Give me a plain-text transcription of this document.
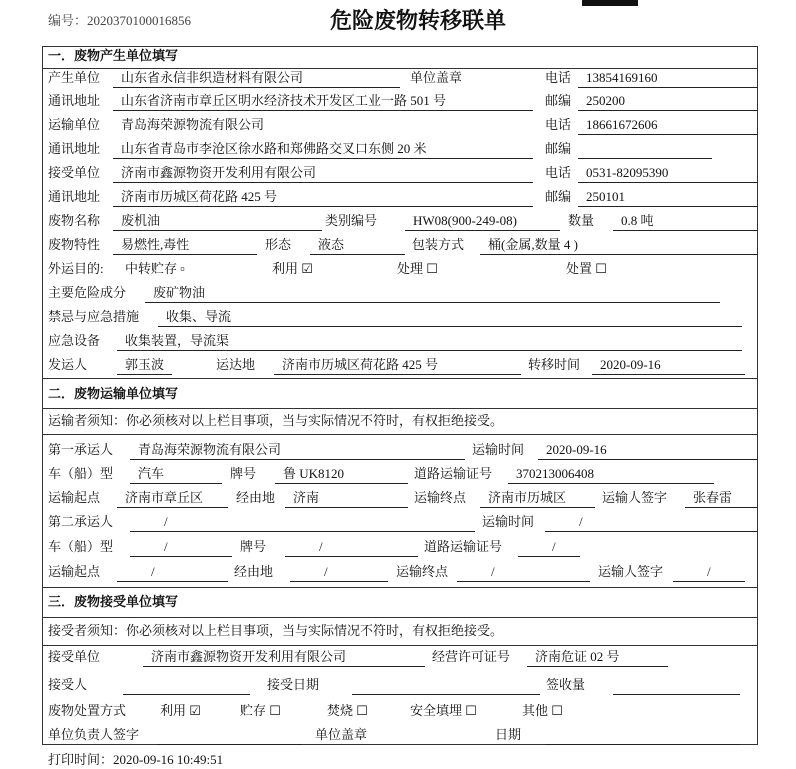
编号：2020370100016856	危险废物转移联单
一．废物产生单位填写
产生单位	山东省永信非织造材料有限公司	单位盖章	电话	13854169160
通讯地址	山东省济南市章丘区明水经济技术开发区工业一路 501 号	邮编	250200
运输单位	青岛海荣源物流有限公司	电话	18661672606
通讯地址	山东省青岛市李沧区徐水路和郑佛路交叉口东侧 20 米	邮编
接受单位	济南市鑫源物资开发利用有限公司	电话	0531-82095390
通讯地址	济南市历城区荷花路 425 号	邮编	250101
废物名称	废机油	类别编号	HW08(900-249-08)	数量	0.8 吨
废物特性	易燃性,毒性	形态	液态	包装方式	桶(金属,数量 4 )
外运目的: 中转贮存 ▫	利用 ☑	处理 ☐	处置 ☐
主要危险成分	废矿物油
禁忌与应急措施	收集、导流
应急设备	收集装置，导流渠
发运人	郭玉波	运达地	济南市历城区荷花路 425 号	转移时间	2020-09-16
二．废物运输单位填写
运输者须知：你必须核对以上栏目事项，当与实际情况不符时，有权拒绝接受。
第一承运人	青岛海荣源物流有限公司	运输时间	2020-09-16
车（船）型	汽车	牌号	鲁 UK8120	道路运输证号	370213006408
运输起点	济南市章丘区	经由地	济南	运输终点	济南市历城区	运输人签字	张春雷
第二承运人	/	运输时间	/
车（船）型	/	牌号	/	道路运输证号	/
运输起点	/	经由地	/	运输终点	/	运输人签字	/
三．废物接受单位填写
接受者须知：你必须核对以上栏目事项，当与实际情况不符时，有权拒绝接受。
接受单位	济南市鑫源物资开发利用有限公司	经营许可证号	济南危证 02 号
接受人	接受日期	签收量
废物处置方式	利用 ☑	贮存 ☐	焚烧 ☐	安全填埋 ☐	其他 ☐
单位负责人签字	单位盖章	日期
打印时间：2020-09-16 10:49:51
